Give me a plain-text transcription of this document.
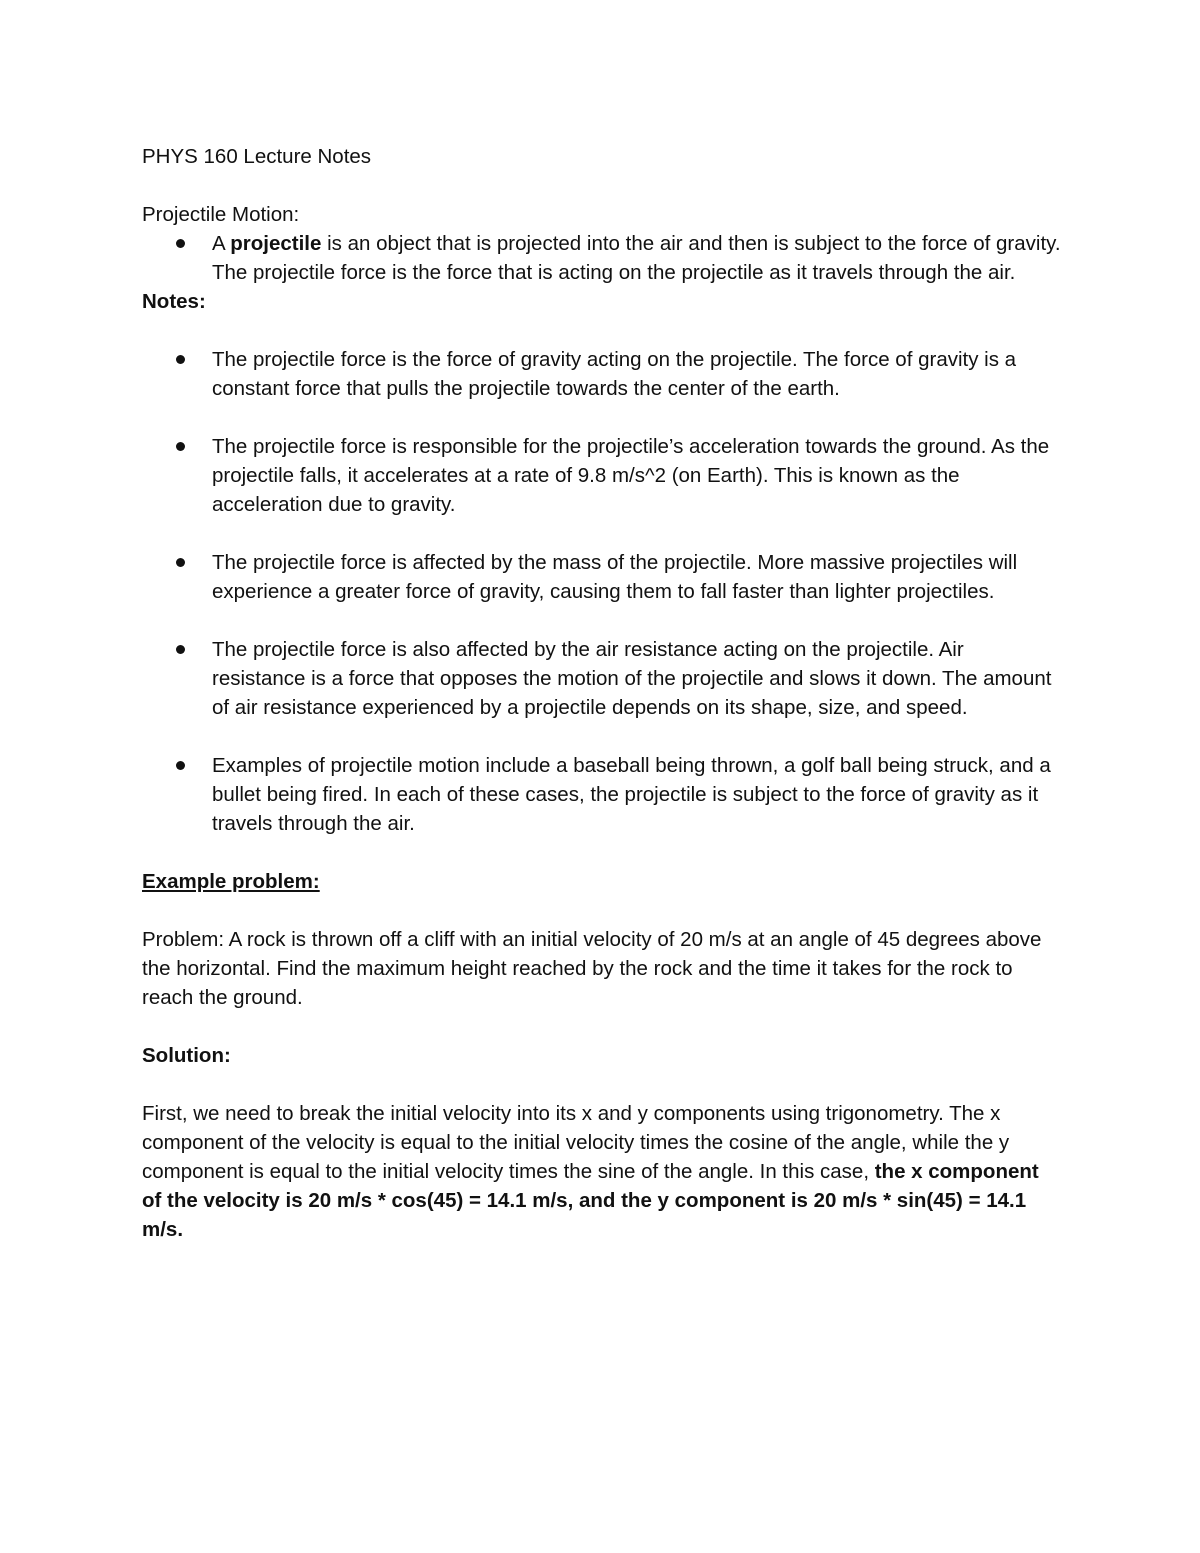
PHYS 160 Lecture Notes

Projectile Motion:

A projectile is an object that is projected into the air and then is subject to the force of gravity. The projectile force is the force that is acting on the projectile as it travels through the air.

Notes:

The projectile force is the force of gravity acting on the projectile. The force of gravity is a constant force that pulls the projectile towards the center of the earth.
The projectile force is responsible for the projectile’s acceleration towards the ground. As the projectile falls, it accelerates at a rate of 9.8 m/s^2 (on Earth). This is known as the acceleration due to gravity.
The projectile force is affected by the mass of the projectile. More massive projectiles will experience a greater force of gravity, causing them to fall faster than lighter projectiles.
The projectile force is also affected by the air resistance acting on the projectile. Air resistance is a force that opposes the motion of the projectile and slows it down. The amount of air resistance experienced by a projectile depends on its shape, size, and speed.
Examples of projectile motion include a baseball being thrown, a golf ball being struck, and a bullet being fired. In each of these cases, the projectile is subject to the force of gravity as it travels through the air.

Example problem:

Problem: A rock is thrown off a cliff with an initial velocity of 20 m/s at an angle of 45 degrees above the horizontal. Find the maximum height reached by the rock and the time it takes for the rock to reach the ground.

Solution:

First, we need to break the initial velocity into its x and y components using trigonometry. The x component of the velocity is equal to the initial velocity times the cosine of the angle, while the y component is equal to the initial velocity times the sine of the angle. In this case, the x component of the velocity is 20 m/s * cos(45) = 14.1 m/s, and the y component is 20 m/s * sin(45) = 14.1 m/s.
